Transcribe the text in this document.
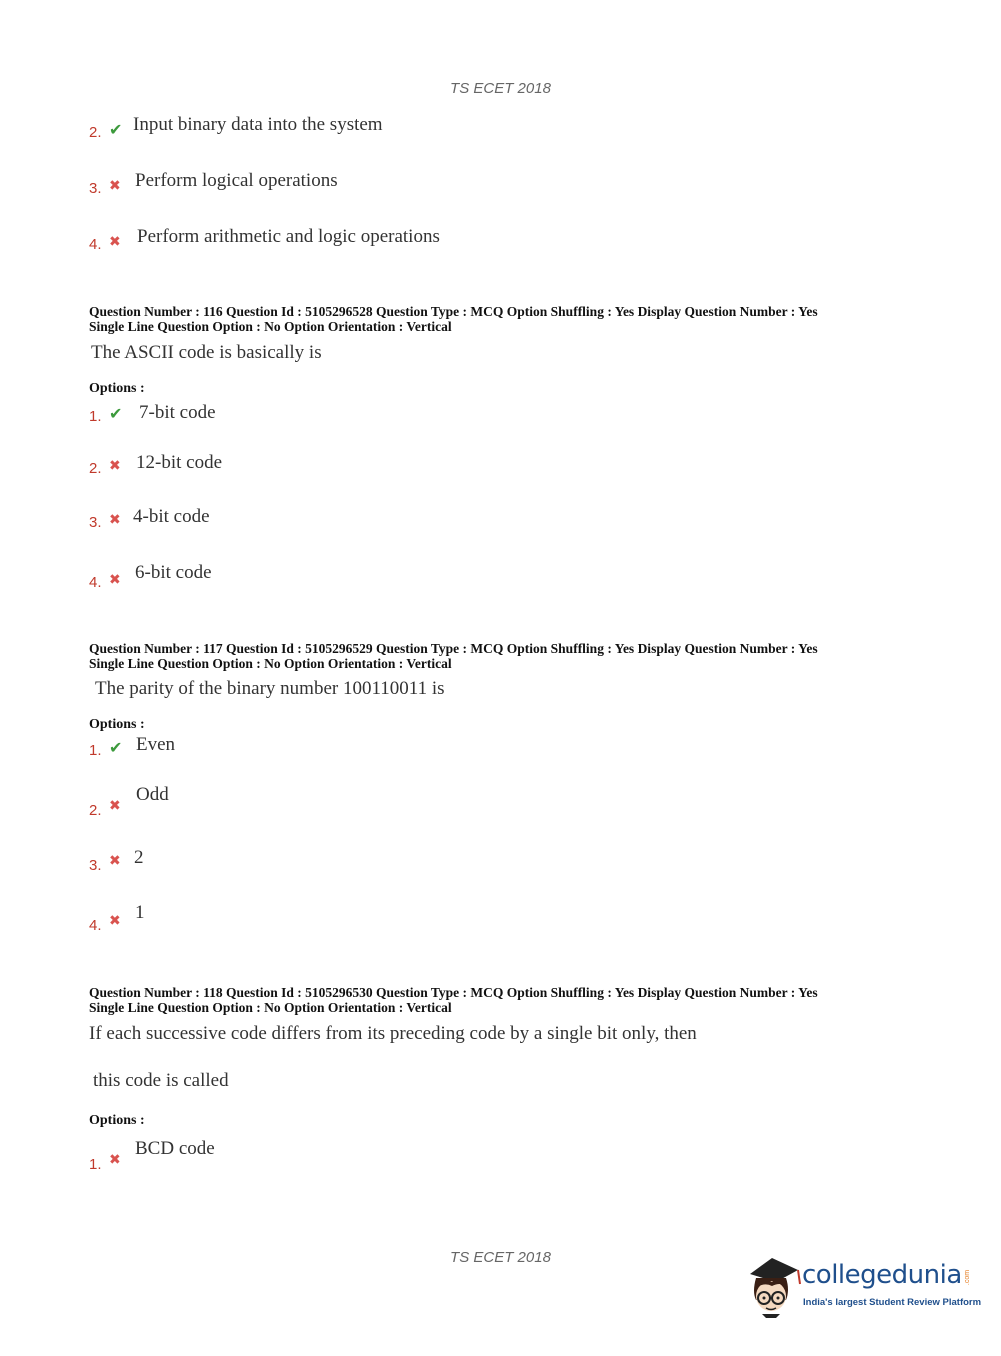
TS ECET 2018
2. ✔ Input binary data into the system
3. ✖ Perform logical operations
4. ✖ Perform arithmetic and logic operations
Question Number : 116 Question Id : 5105296528 Question Type : MCQ Option Shuffling : Yes Display Question Number : Yes
Single Line Question Option : No Option Orientation : Vertical
The ASCII code is basically is
Options :
1. ✔ 7-bit code
2. ✖ 12-bit code
3. ✖ 4-bit code
4. ✖ 6-bit code
Question Number : 117 Question Id : 5105296529 Question Type : MCQ Option Shuffling : Yes Display Question Number : Yes
Single Line Question Option : No Option Orientation : Vertical
The parity of the binary number 100110011 is
Options :
1. ✔ Even
2. ✖
Odd
3. ✖ 2
4. ✖ 1
Question Number : 118 Question Id : 5105296530 Question Type : MCQ Option Shuffling : Yes Display Question Number : Yes
Single Line Question Option : No Option Orientation : Vertical
If each successive code differs from its preceding code by a single bit only, then
this code is called
Options :
1. ✖
BCD code
TS ECET 2018
collegedunia .com
India's largest Student Review Platform
